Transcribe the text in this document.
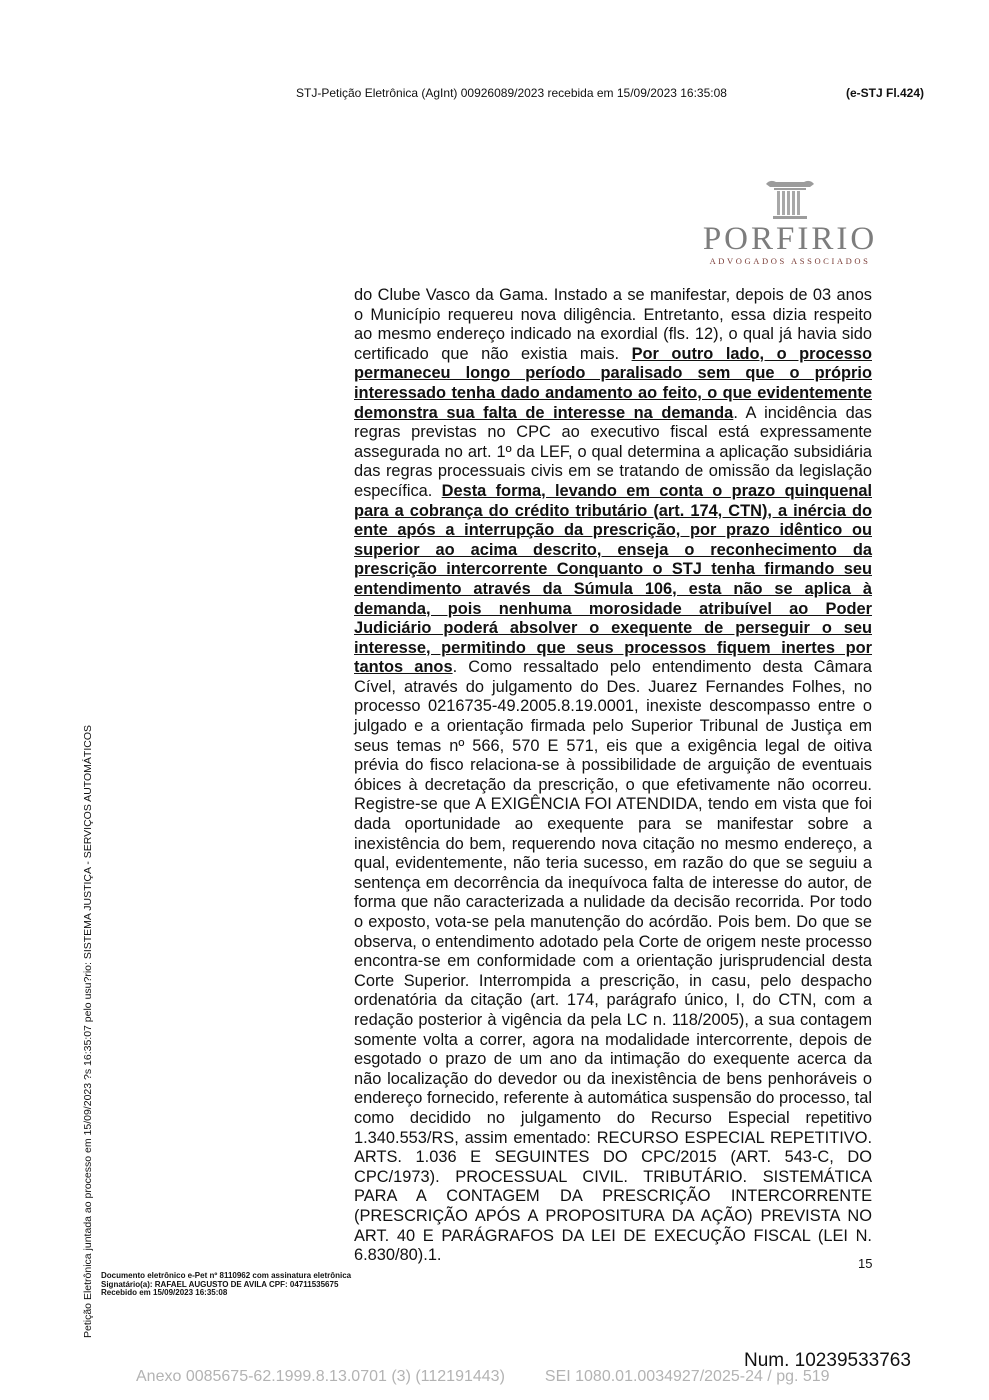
STJ-Petição Eletrônica (AgInt) 00926089/2023 recebida em 15/09/2023 16:35:08	(e-STJ Fl.424)
PORFIRIO
ADVOGADOS ASSOCIADOS
do Clube Vasco da Gama. Instado a se manifestar, depois de 03 anos o Município requereu nova diligência. Entretanto, essa dizia respeito ao mesmo endereço indicado na exordial (fls. 12), o qual já havia sido certificado que não existia mais. Por outro lado, o processo permaneceu longo período paralisado sem que o próprio interessado tenha dado andamento ao feito, o que evidentemente demonstra sua falta de interesse na demanda. A incidência das regras previstas no CPC ao executivo fiscal está expressamente assegurada no art. 1º da LEF, o qual determina a aplicação subsidiária das regras processuais civis em se tratando de omissão da legislação específica. Desta forma, levando em conta o prazo quinquenal para a cobrança do crédito tributário (art. 174, CTN), a inércia do ente após a interrupção da prescrição, por prazo idêntico ou superior ao acima descrito, enseja o reconhecimento da prescrição intercorrente Conquanto o STJ tenha firmando seu entendimento através da Súmula 106, esta não se aplica à demanda, pois nenhuma morosidade atribuível ao Poder Judiciário poderá absolver o exequente de perseguir o seu interesse, permitindo que seus processos fiquem inertes por tantos anos. Como ressaltado pelo entendimento desta Câmara Cível, através do julgamento do Des. Juarez Fernandes Folhes, no processo 0216735-49.2005.8.19.0001, inexiste descompasso entre o julgado e a orientação firmada pelo Superior Tribunal de Justiça em seus temas nº 566, 570 E 571, eis que a exigência legal de oitiva prévia do fisco relaciona-se à possibilidade de arguição de eventuais óbices à decretação da prescrição, o que efetivamente não ocorreu. Registre-se que A EXIGÊNCIA FOI ATENDIDA, tendo em vista que foi dada oportunidade ao exequente para se manifestar sobre a inexistência do bem, requerendo nova citação no mesmo endereço, a qual, evidentemente, não teria sucesso, em razão do que se seguiu a sentença em decorrência da inequívoca falta de interesse do autor, de forma que não caracterizada a nulidade da decisão recorrida. Por todo o exposto, vota-se pela manutenção do acórdão. Pois bem. Do que se observa, o entendimento adotado pela Corte de origem neste processo encontra-se em conformidade com a orientação jurisprudencial desta Corte Superior. Interrompida a prescrição, in casu, pelo despacho ordenatória da citação (art. 174, parágrafo único, I, do CTN, com a redação posterior à vigência da pela LC n. 118/2005), a sua contagem somente volta a correr, agora na modalidade intercorrente, depois de esgotado o prazo de um ano da intimação do exequente acerca da não localização do devedor ou da inexistência de bens penhoráveis o endereço fornecido, referente à automática suspensão do processo, tal como decidido no julgamento do Recurso Especial repetitivo 1.340.553/RS, assim ementado: RECURSO ESPECIAL REPETITIVO. ARTS. 1.036 E SEGUINTES DO CPC/2015 (ART. 543-C, DO CPC/1973). PROCESSUAL CIVIL. TRIBUTÁRIO. SISTEMÁTICA PARA A CONTAGEM DA PRESCRIÇÃO INTERCORRENTE (PRESCRIÇÃO APÓS A PROPOSITURA DA AÇÃO) PREVISTA NO ART. 40 E PARÁGRAFOS DA LEI DE EXECUÇÃO FISCAL (LEI N. 6.830/80).1.	15
Documento eletrônico e-Pet nº 8110962 com assinatura eletrônica
Signatário(a): RAFAEL AUGUSTO DE AVILA CPF: 04711535675
Recebido em 15/09/2023 16:35:08
Petição Eletrônica juntada ao processo em 15/09/2023 ?s 16:35:07 pelo usu?rio: SISTEMA JUSTIÇA - SERVIÇOS AUTOMÁTICOS
Num. 10239533763
Anexo 0085675-62.1999.8.13.0701 (3) (112191443)	SEI 1080.01.0034927/2025-24 / pg. 519
